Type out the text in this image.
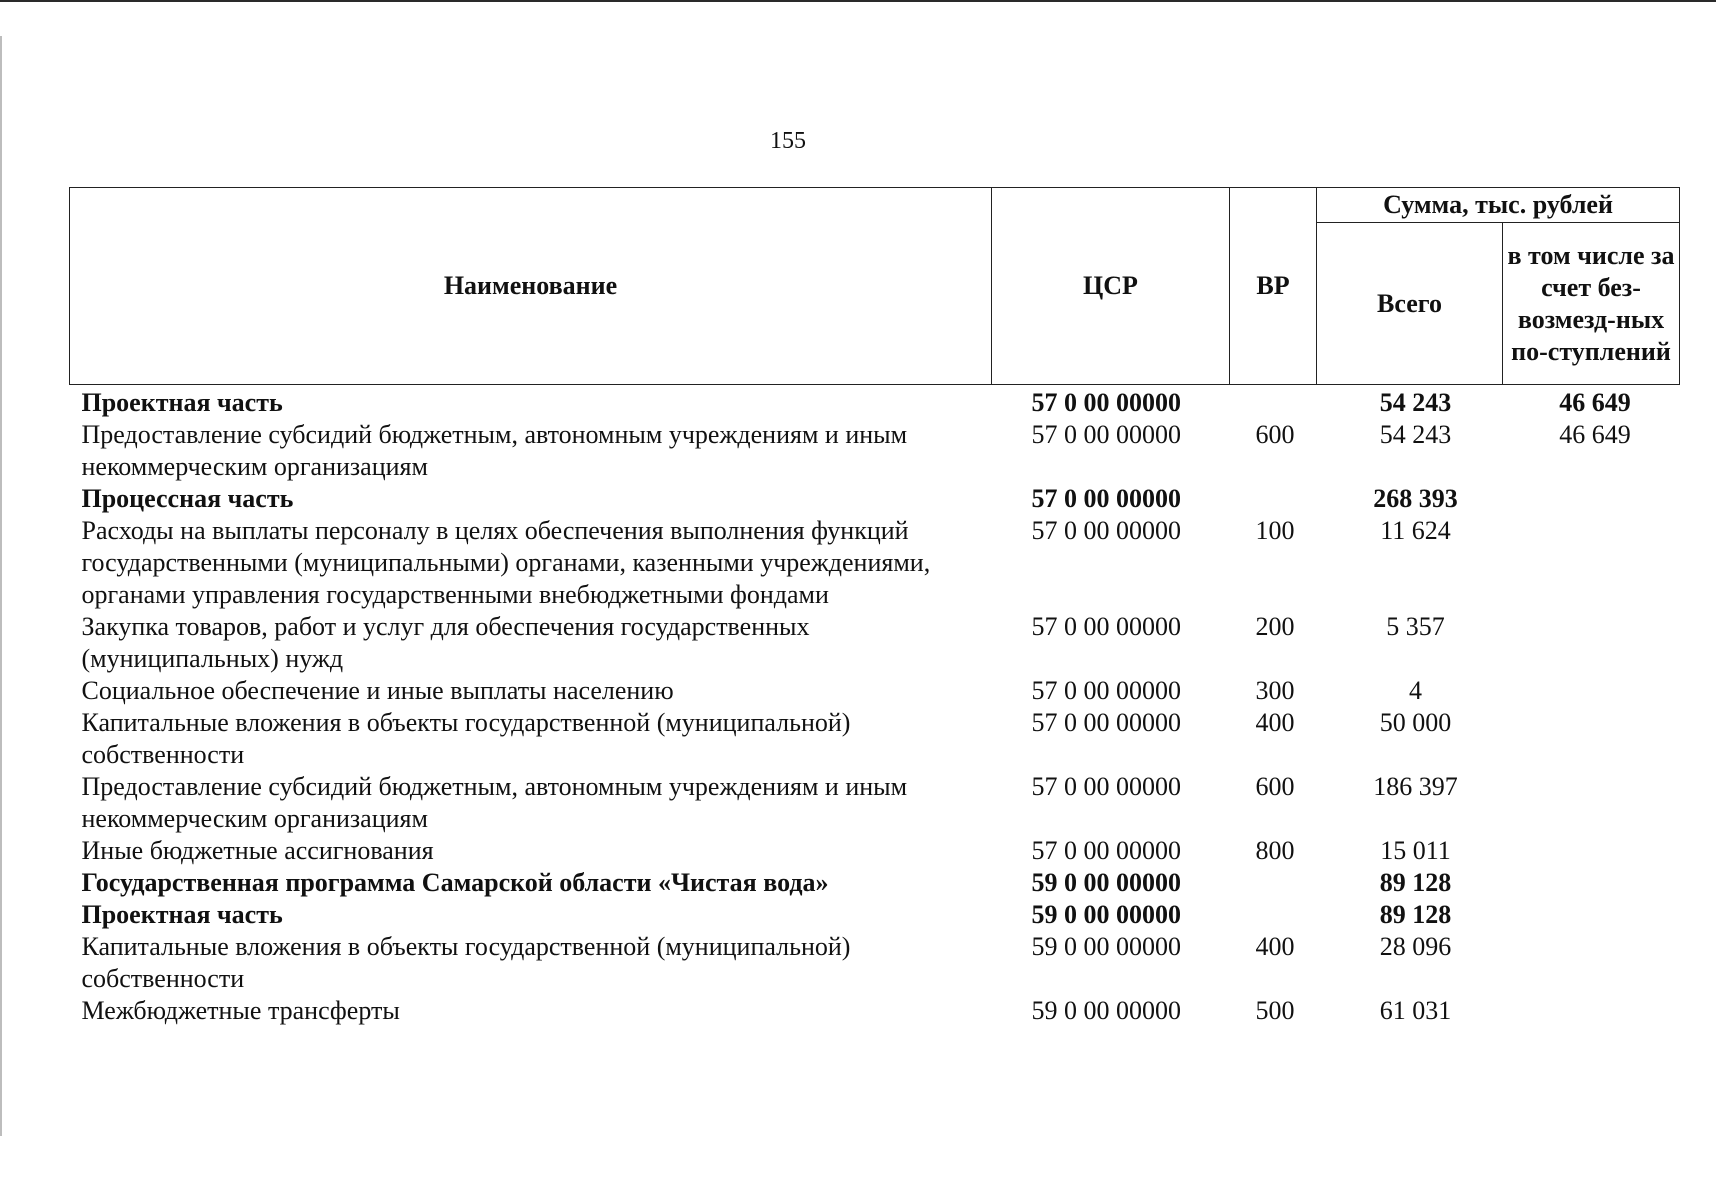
155
Наименование	ЦСР	ВР	Сумма, тыс. рублей	
			Всего	в том числе за счет без-возмезд-ных по-ступлений
Проектная часть	57 0 00 00000		54 243	46 649
Предоставление субсидий бюджетным, автономным учреждениям и иным некоммерческим организациям	57 0 00 00000	600	54 243	46 649
Процессная часть	57 0 00 00000		268 393	
Расходы на выплаты персоналу в целях обеспечения выполнения функций государственными (муниципальными) органами, казенными учреждениями, органами управления государственными внебюджетными фондами	57 0 00 00000	100	11 624	
Закупка товаров, работ и услуг для обеспечения государственных (муниципальных) нужд	57 0 00 00000	200	5 357	
Социальное обеспечение и иные выплаты населению	57 0 00 00000	300	4	
Капитальные вложения в объекты государственной (муниципальной) собственности	57 0 00 00000	400	50 000	
Предоставление субсидий бюджетным, автономным учреждениям и иным некоммерческим организациям	57 0 00 00000	600	186 397	
Иные бюджетные ассигнования	57 0 00 00000	800	15 011	
Государственная программа Самарской области «Чистая вода»	59 0 00 00000		89 128	
Проектная часть	59 0 00 00000		89 128	
Капитальные вложения в объекты государственной (муниципальной) собственности	59 0 00 00000	400	28 096	
Межбюджетные трансферты	59 0 00 00000	500	61 031	
